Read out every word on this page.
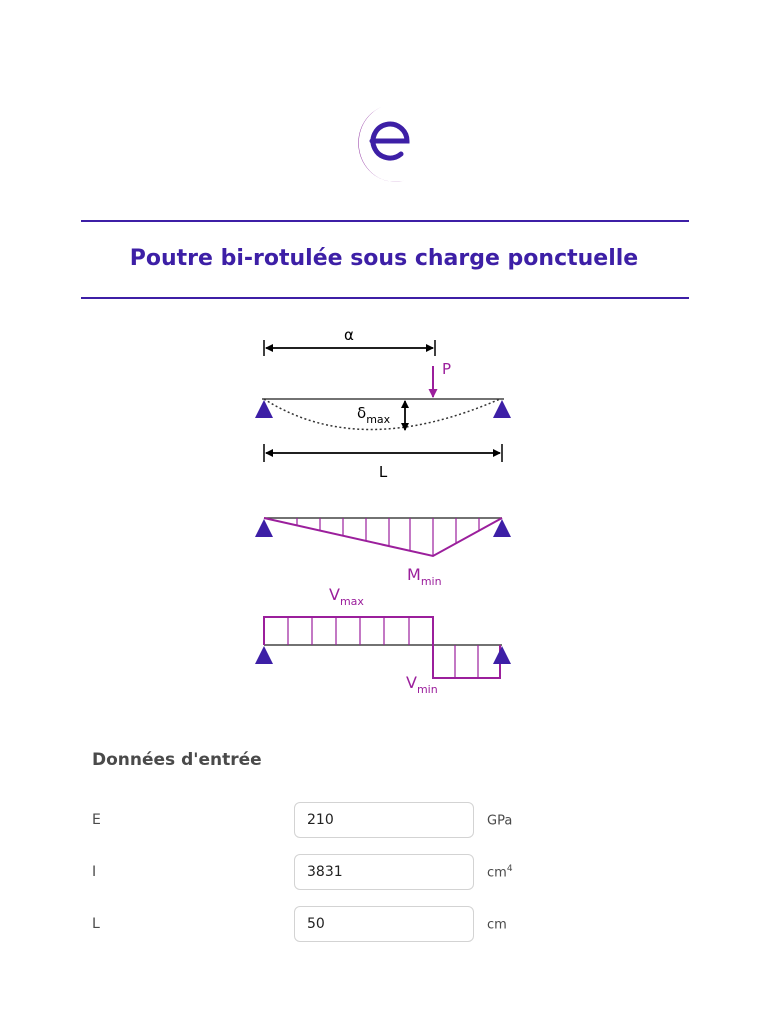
Poutre bi-rotulée sous charge ponctuelle
α
P
$\delta_{max}$
L
$M_{min}$
$V_{max}$
$V_{min}$
Données d'entrée
E
210	GPa
I
3831	$cm^4$
L
50	cm
